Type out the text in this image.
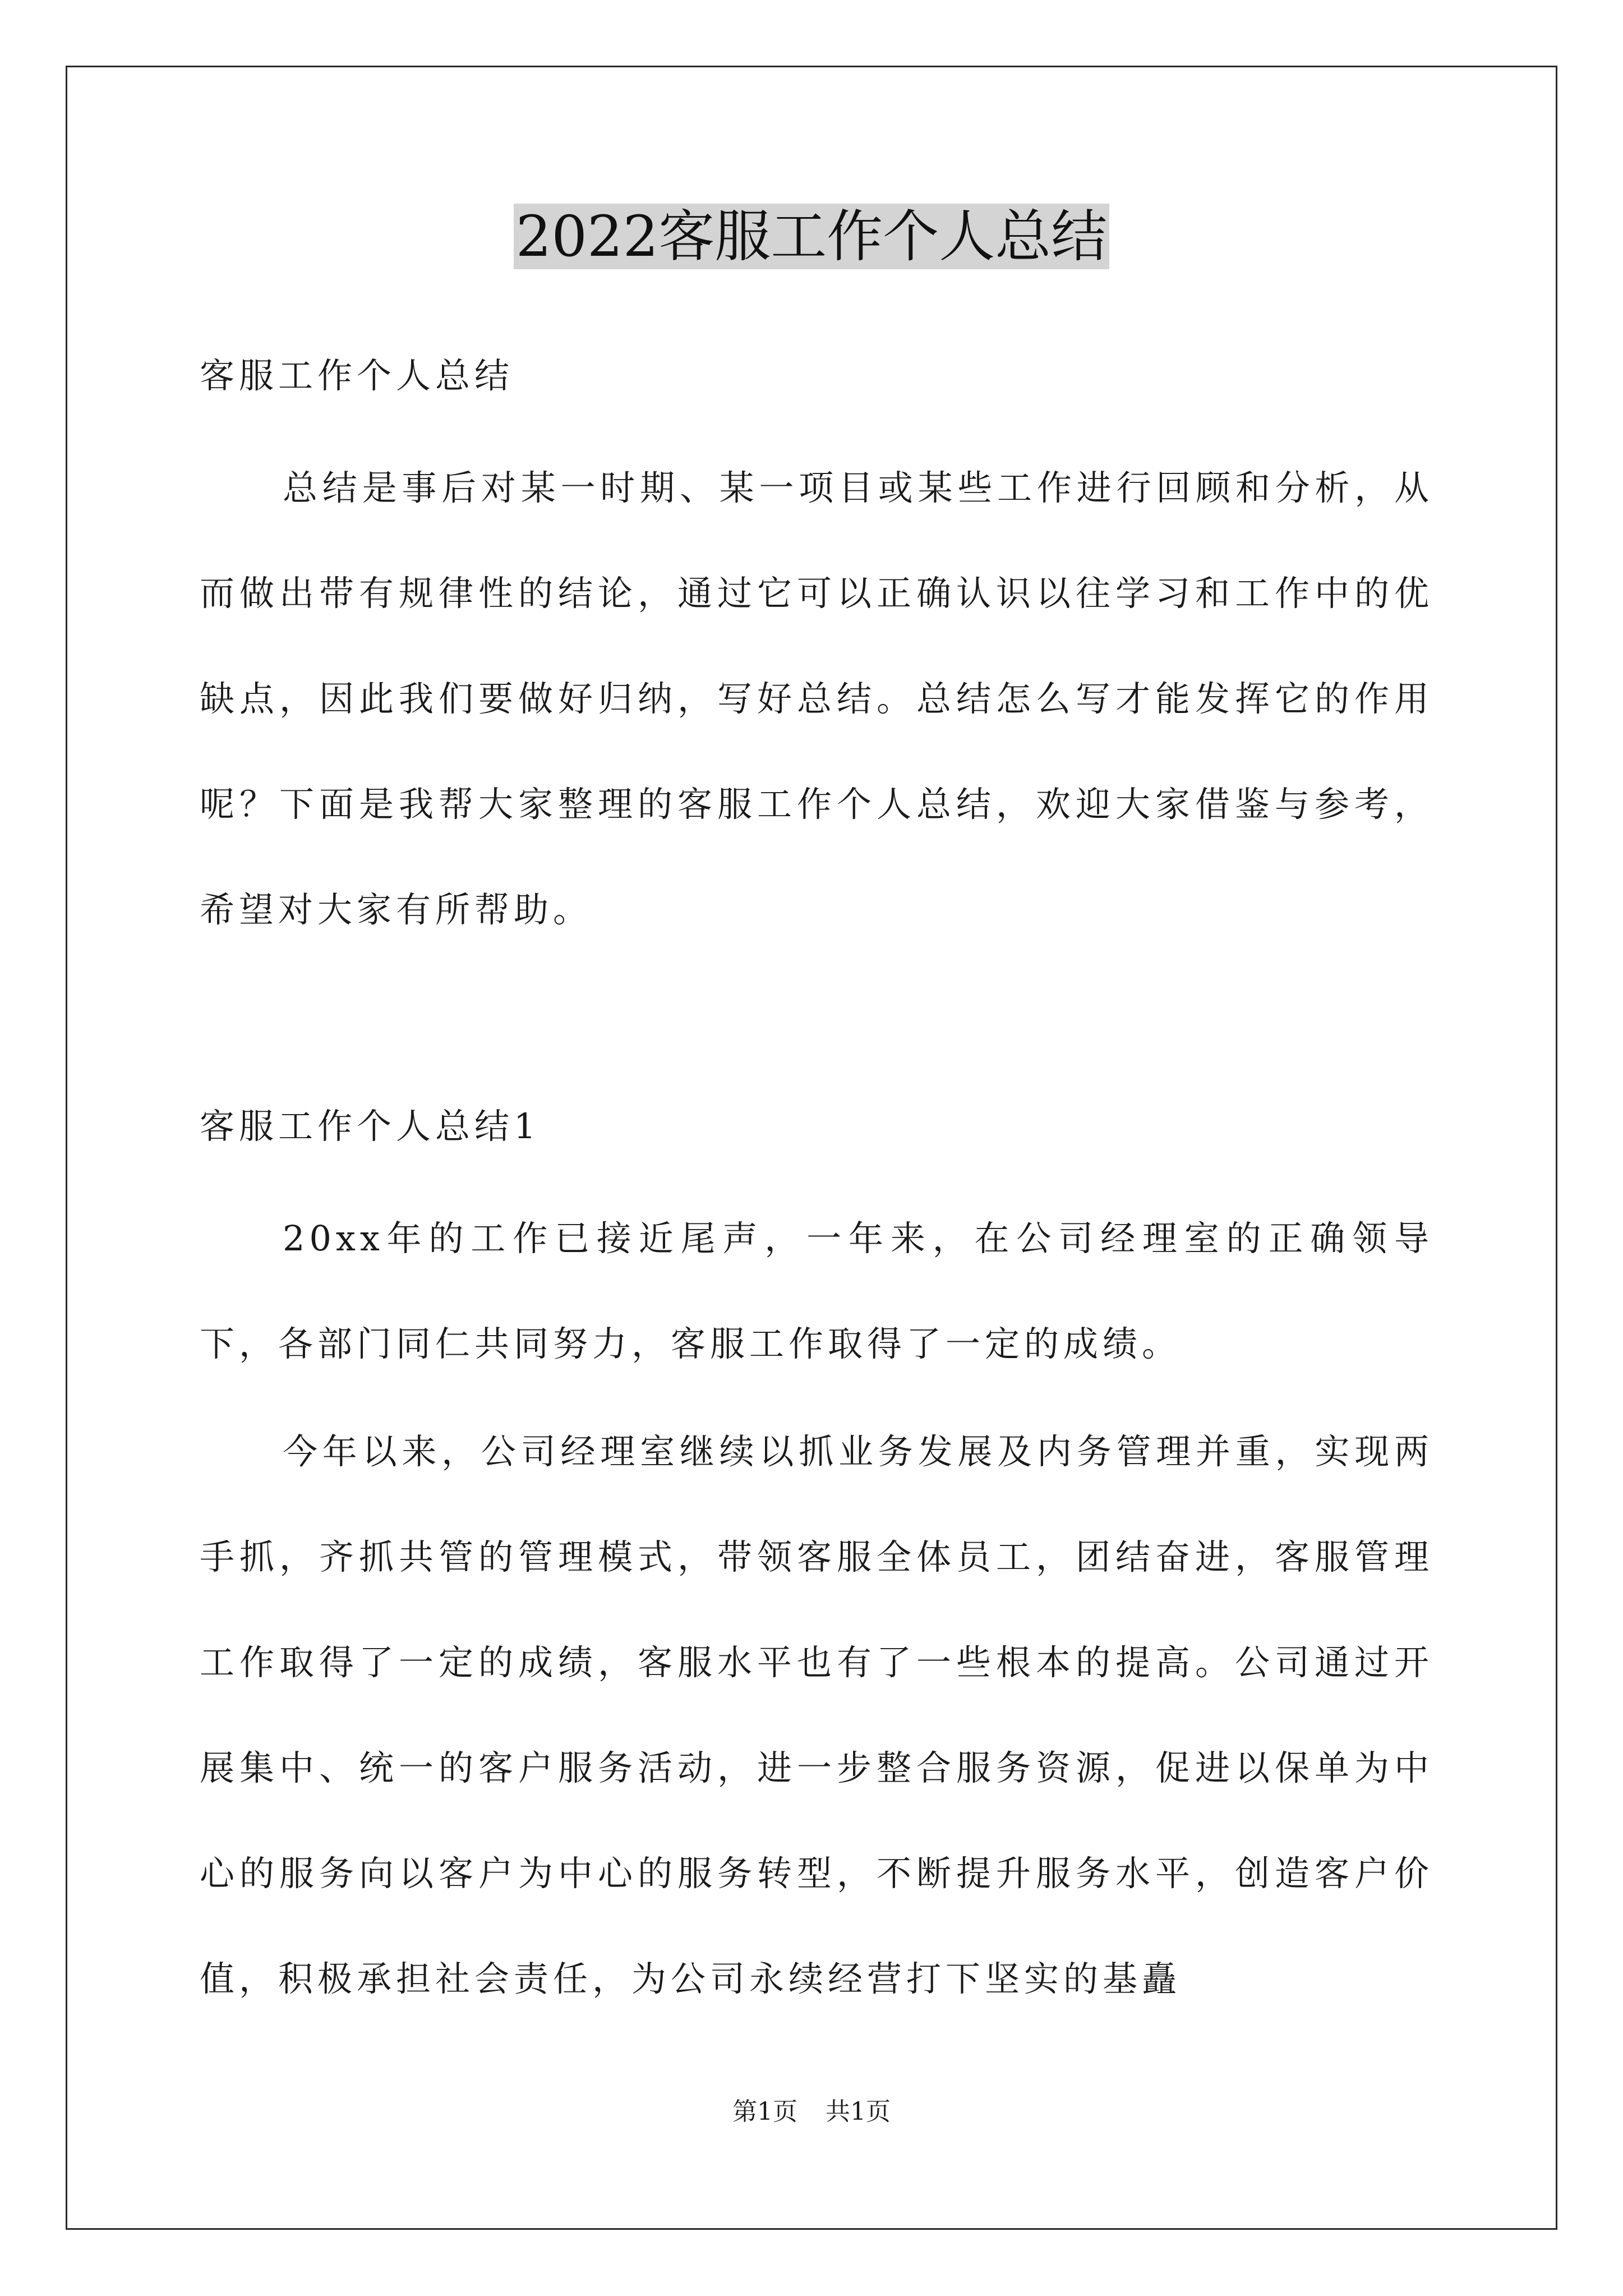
2022客服工作个人总结

客服工作个人总结

总结是事后对某一时期、某一项目或某些工作进行回顾和分析，从而做出带有规律性的结论，通过它可以正确认识以往学习和工作中的优缺点，因此我们要做好归纳，写好总结。总结怎么写才能发挥它的作用呢？下面是我帮大家整理的客服工作个人总结，欢迎大家借鉴与参考，希望对大家有所帮助。

客服工作个人总结1

20xx年的工作已接近尾声，一年来，在公司经理室的正确领导下，各部门同仁共同努力，客服工作取得了一定的成绩。

今年以来，公司经理室继续以抓业务发展及内务管理并重，实现两手抓，齐抓共管的管理模式，带领客服全体员工，团结奋进，客服管理工作取得了一定的成绩，客服水平也有了一些根本的提高。公司通过开展集中、统一的客户服务活动，进一步整合服务资源，促进以保单为中心的服务向以客户为中心的服务转型，不断提升服务水平，创造客户价值，积极承担社会责任，为公司永续经营打下坚实的基矗

第1页 共1页
